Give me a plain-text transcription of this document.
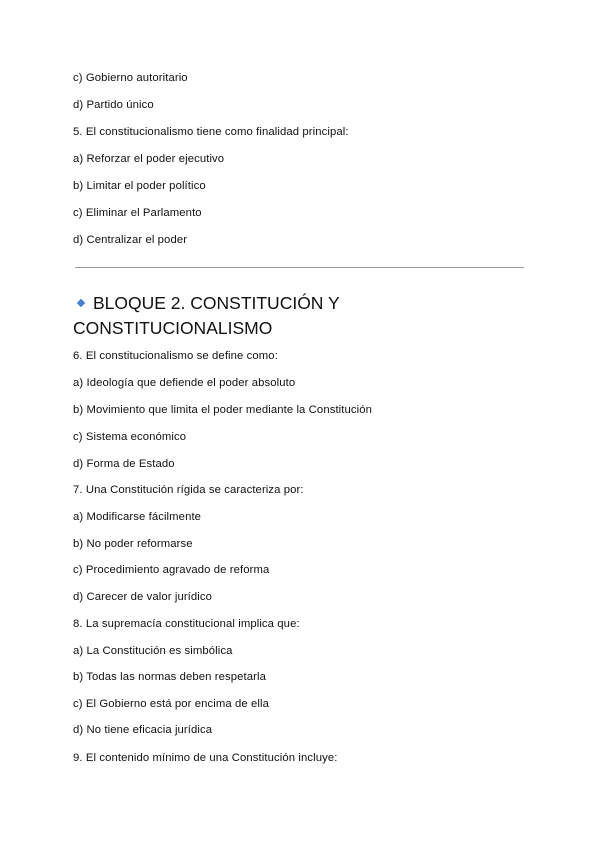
c) Gobierno autoritario
d) Partido único
5. El constitucionalismo tiene como finalidad principal:
a) Reforzar el poder ejecutivo
b) Limitar el poder político
c) Eliminar el Parlamento
d) Centralizar el poder
BLOQUE 2. CONSTITUCIÓN Y CONSTITUCIONALISMO
6. El constitucionalismo se define como:
a) Ideología que defiende el poder absoluto
b) Movimiento que limita el poder mediante la Constitución
c) Sistema económico
d) Forma de Estado
7. Una Constitución rígida se caracteriza por:
a) Modificarse fácilmente
b) No poder reformarse
c) Procedimiento agravado de reforma
d) Carecer de valor jurídico
8. La supremacía constitucional implica que:
a) La Constitución es simbólica
b) Todas las normas deben respetarla
c) El Gobierno está por encima de ella
d) No tiene eficacia jurídica
9. El contenido mínimo de una Constitución incluye:
